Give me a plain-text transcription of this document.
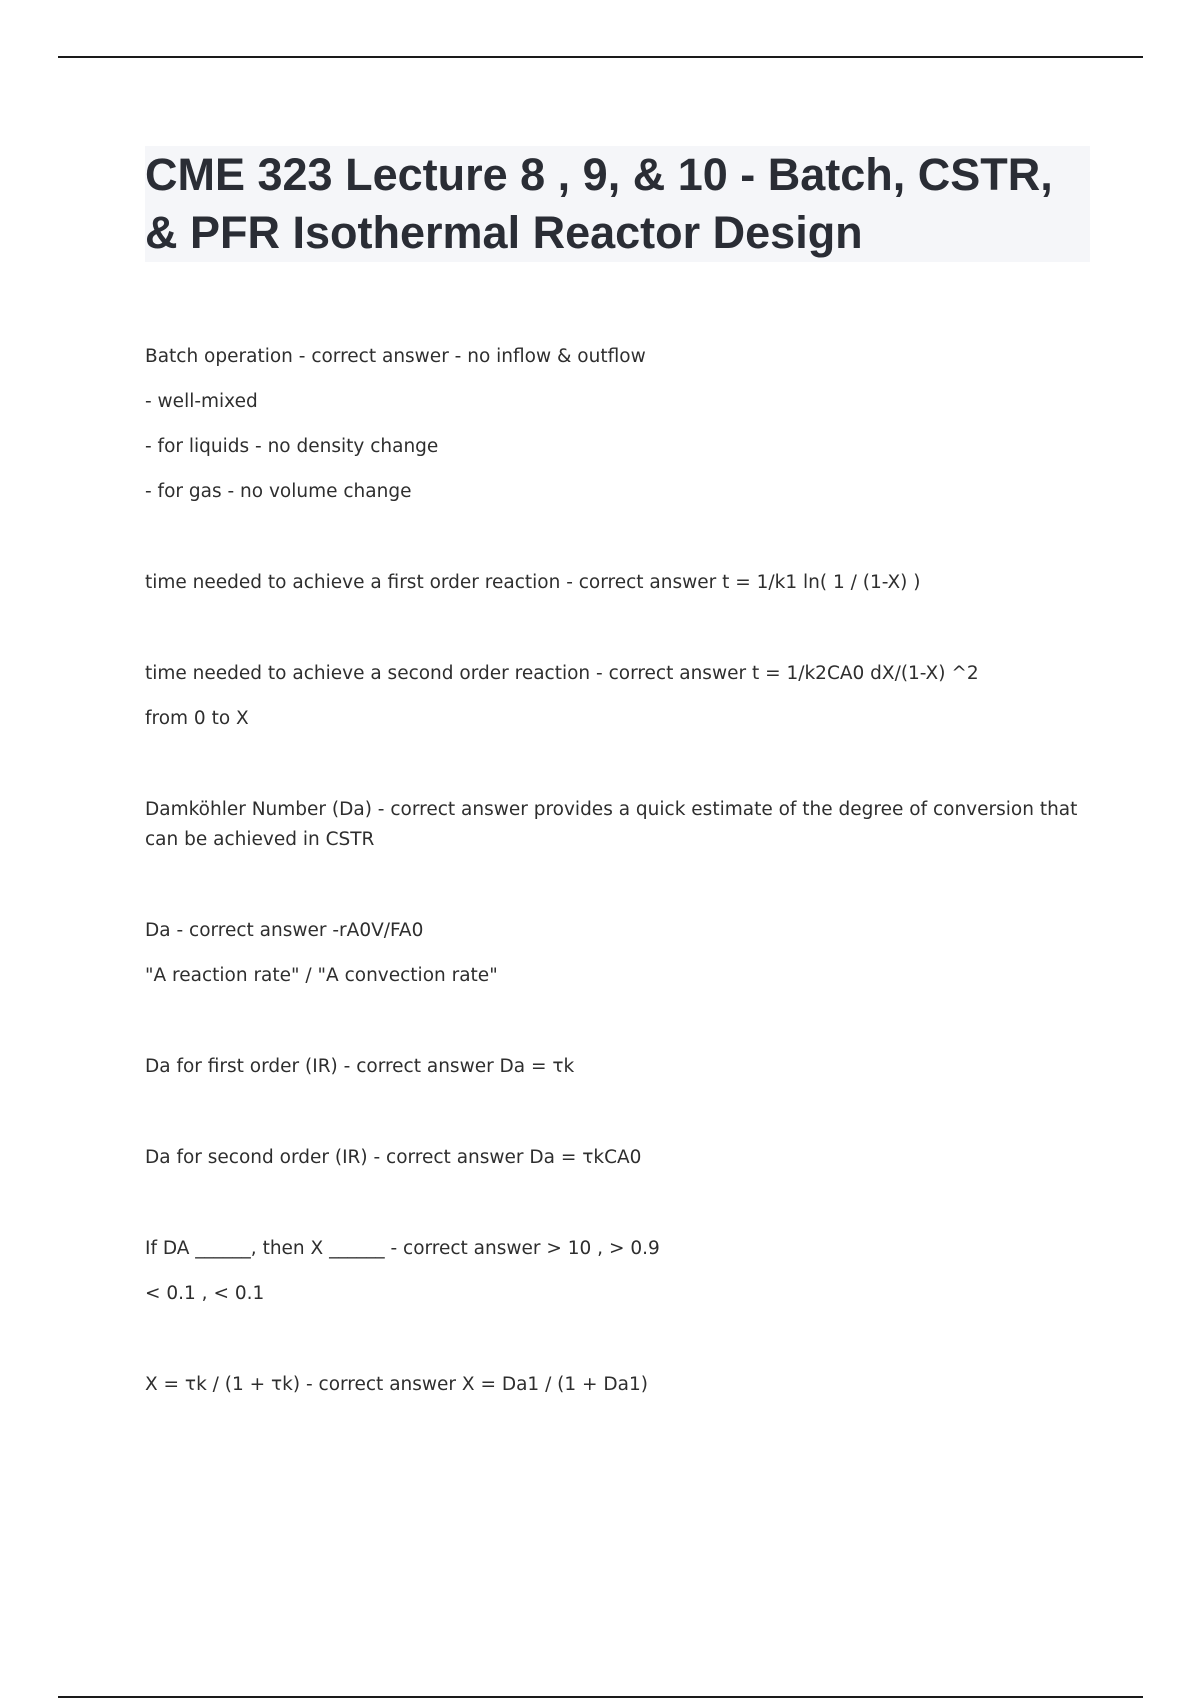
CME 323 Lecture 8 , 9, & 10 - Batch, CSTR, & PFR Isothermal Reactor Design

Batch operation - correct answer - no inflow & outflow

- well-mixed

- for liquids - no density change

- for gas - no volume change

time needed to achieve a first order reaction - correct answer t = 1/k1 ln( 1 / (1-X) )

time needed to achieve a second order reaction - correct answer t = 1/k2CA0 dX/(1-X) ^2

from 0 to X

Damköhler Number (Da) - correct answer provides a quick estimate of the degree of conversion that can be achieved in CSTR

Da - correct answer -rA0V/FA0

"A reaction rate" / "A convection rate"

Da for first order (IR) - correct answer Da = τk

Da for second order (IR) - correct answer Da = τkCA0

If DA ______, then X ______ - correct answer > 10 , > 0.9

< 0.1 , < 0.1

X = τk / (1 + τk) - correct answer X = Da1 / (1 + Da1)
